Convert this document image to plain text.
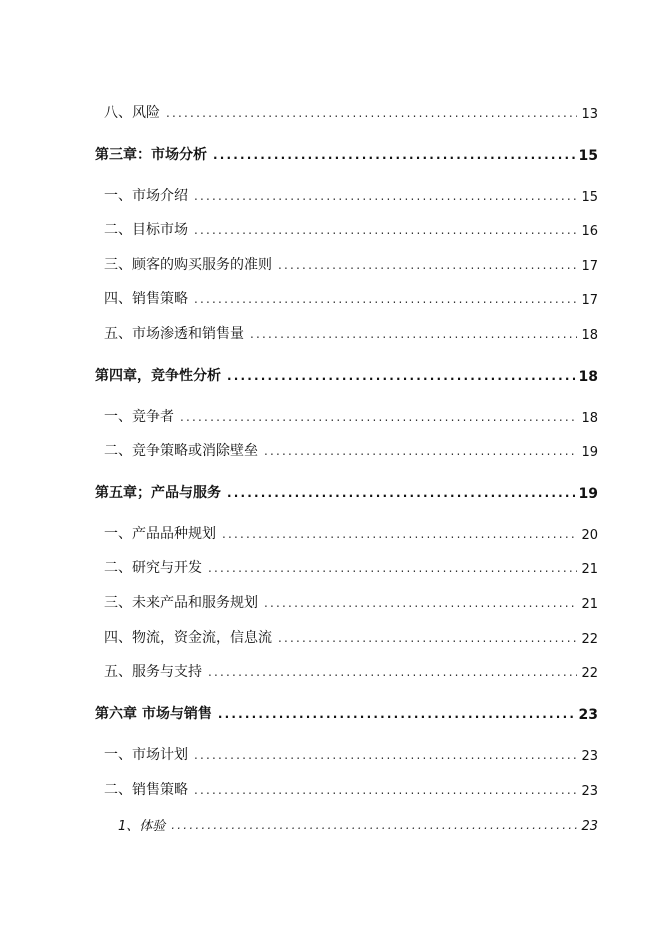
八、风险 .....	13
第三章：市场分析 .....	15
一、市场介绍 .....	15
二、目标市场 .....	16
三、顾客的购买服务的准则 .....	17
四、销售策略 .....	17
五、市场渗透和销售量 .....	18
第四章，竞争性分析 .....	18
一、竞争者 .....	18
二、竞争策略或消除壁垒 .....	19
第五章；产品与服务 .....	19
一、产品品种规划 .....	20
二、研究与开发 .....	21
三、未来产品和服务规划 .....	21
四、物流，资金流，信息流 .....	22
五、服务与支持 .....	22
第六章 市场与销售 .....	23
一、市场计划 .....	23
二、销售策略 .....	23
1、体验 .....	23
